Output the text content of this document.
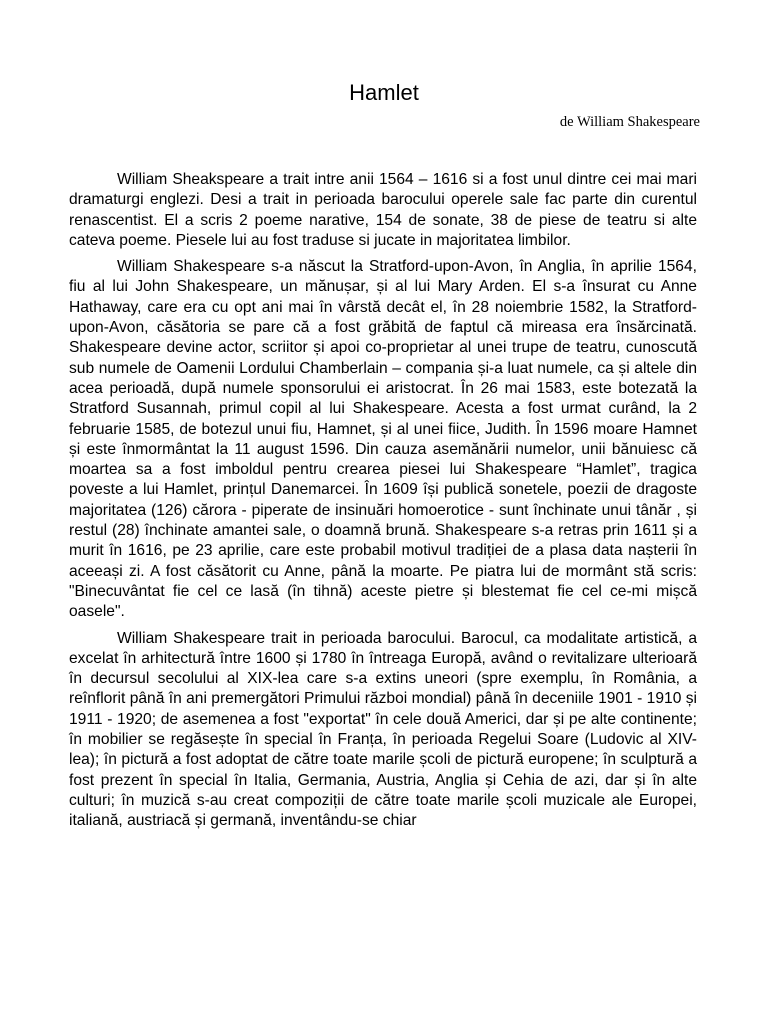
Hamlet
de William Shakespeare

William Sheakspeare a trait intre anii 1564 – 1616 si a fost unul dintre cei mai mari dramaturgi englezi. Desi a trait in perioada barocului operele sale fac parte din curentul renascentist. El a scris 2 poeme narative, 154 de sonate, 38 de piese de teatru si alte cateva poeme. Piesele lui au fost traduse si jucate in majoritatea limbilor.

William Shakespeare s-a născut la Stratford-upon-Avon, în Anglia, în aprilie 1564, fiu al lui John Shakespeare, un mănușar, și al lui Mary Arden. El s-a însurat cu Anne Hathaway, care era cu opt ani mai în vârstă decât el, în 28 noiembrie 1582, la Stratford-upon-Avon, căsătoria se pare că a fost grăbită de faptul că mireasa era însărcinată. Shakespeare devine actor, scriitor și apoi co-proprietar al unei trupe de teatru, cunoscută sub numele de Oamenii Lordului Chamberlain – compania și-a luat numele, ca și altele din acea perioadă, după numele sponsorului ei aristocrat. În 26 mai 1583, este botezată la Stratford Susannah, primul copil al lui Shakespeare. Acesta a fost urmat curând, la 2 februarie 1585, de botezul unui fiu, Hamnet, și al unei fiice, Judith. În 1596 moare Hamnet și este înmormântat la 11 august 1596. Din cauza asemănării numelor, unii bănuiesc că moartea sa a fost imboldul pentru crearea piesei lui Shakespeare “Hamlet”, tragica poveste a lui Hamlet, prințul Danemarcei. În 1609 își publică sonetele, poezii de dragoste majoritatea (126) cărora - piperate de insinuări homoerotice - sunt închinate unui tânăr , și restul (28) închinate amantei sale, o doamnă brună. Shakespeare s-a retras prin 1611 și a murit în 1616, pe 23 aprilie, care este probabil motivul tradiției de a plasa data nașterii în aceeași zi. A fost căsătorit cu Anne, până la moarte. Pe piatra lui de mormânt stă scris: "Binecuvântat fie cel ce lasă (în tihnă) aceste pietre și blestemat fie cel ce-mi mișcă oasele".

William Shakespeare trait in perioada barocului. Barocul, ca modalitate artistică, a excelat în arhitectură între 1600 și 1780 în întreaga Europă, având o revitalizare ulterioară în decursul secolului al XIX-lea care s-a extins uneori (spre exemplu, în România, a reînflorit până în ani premergători Primului război mondial) până în deceniile 1901 - 1910 și 1911 - 1920; de asemenea a fost "exportat" în cele două Americi, dar și pe alte continente; în mobilier se regăsește în special în Franța, în perioada Regelui Soare (Ludovic al XIV-lea); în pictură a fost adoptat de către toate marile școli de pictură europene; în sculptură a fost prezent în special în Italia, Germania, Austria, Anglia și Cehia de azi, dar și în alte culturi; în muzică s-au creat compoziții de către toate marile școli muzicale ale Europei, italiană, austriacă și germană, inventându-se chiar
